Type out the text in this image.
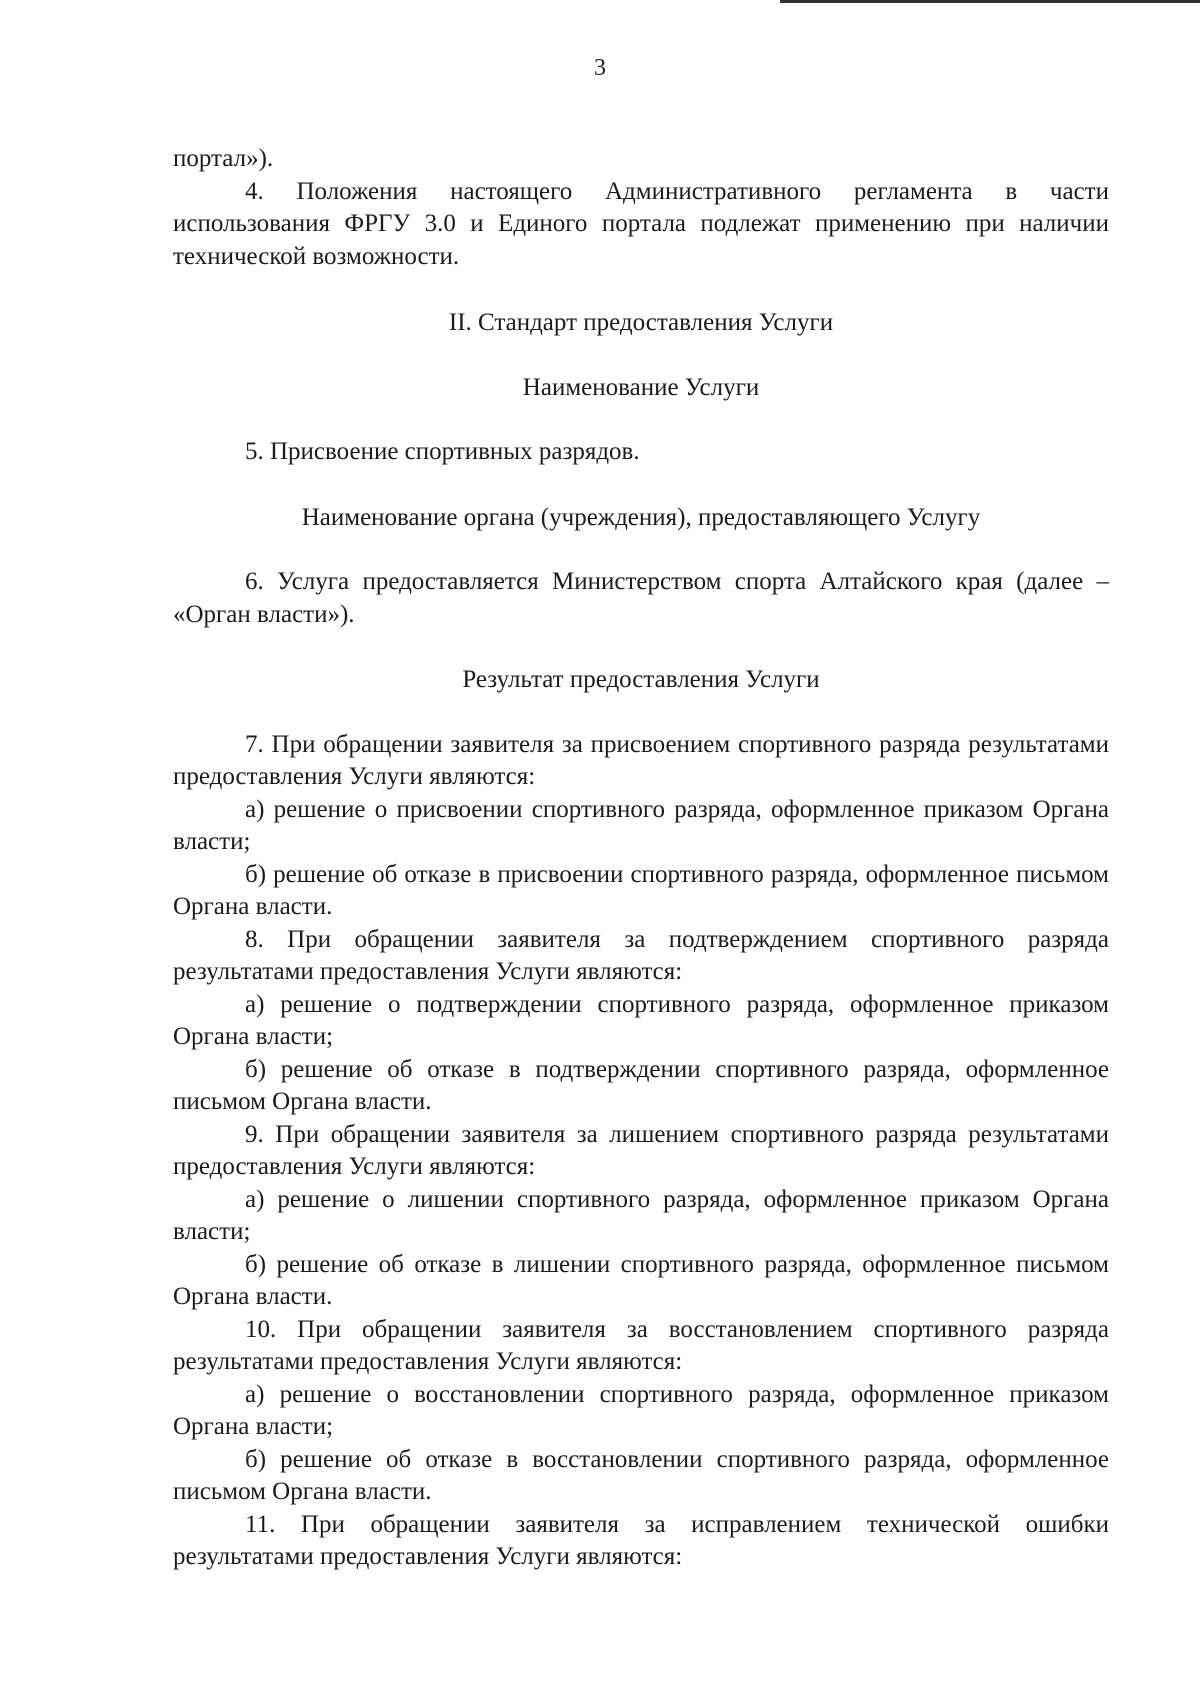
3

портал»).

4. Положения настоящего Административного регламента в части использования ФРГУ 3.0 и Единого портала подлежат применению при наличии технической возможности.

II. Стандарт предоставления Услуги

Наименование Услуги

5. Присвоение спортивных разрядов.

Наименование органа (учреждения), предоставляющего Услугу

6. Услуга предоставляется Министерством спорта Алтайского края (далее – «Орган власти»).

Результат предоставления Услуги

7. При обращении заявителя за присвоением спортивного разряда результатами предоставления Услуги являются:

а) решение о присвоении спортивного разряда, оформленное приказом Органа власти;

б) решение об отказе в присвоении спортивного разряда, оформленное письмом Органа власти.

8. При обращении заявителя за подтверждением спортивного разряда результатами предоставления Услуги являются:

а) решение о подтверждении спортивного разряда, оформленное приказом Органа власти;

б) решение об отказе в подтверждении спортивного разряда, оформленное письмом Органа власти.

9. При обращении заявителя за лишением спортивного разряда результатами предоставления Услуги являются:

а) решение о лишении спортивного разряда, оформленное приказом Органа власти;

б) решение об отказе в лишении спортивного разряда, оформленное письмом Органа власти.

10. При обращении заявителя за восстановлением спортивного разряда результатами предоставления Услуги являются:

а) решение о восстановлении спортивного разряда, оформленное приказом Органа власти;

б) решение об отказе в восстановлении спортивного разряда, оформленное письмом Органа власти.

11. При обращении заявителя за исправлением технической ошибки результатами предоставления Услуги являются:
